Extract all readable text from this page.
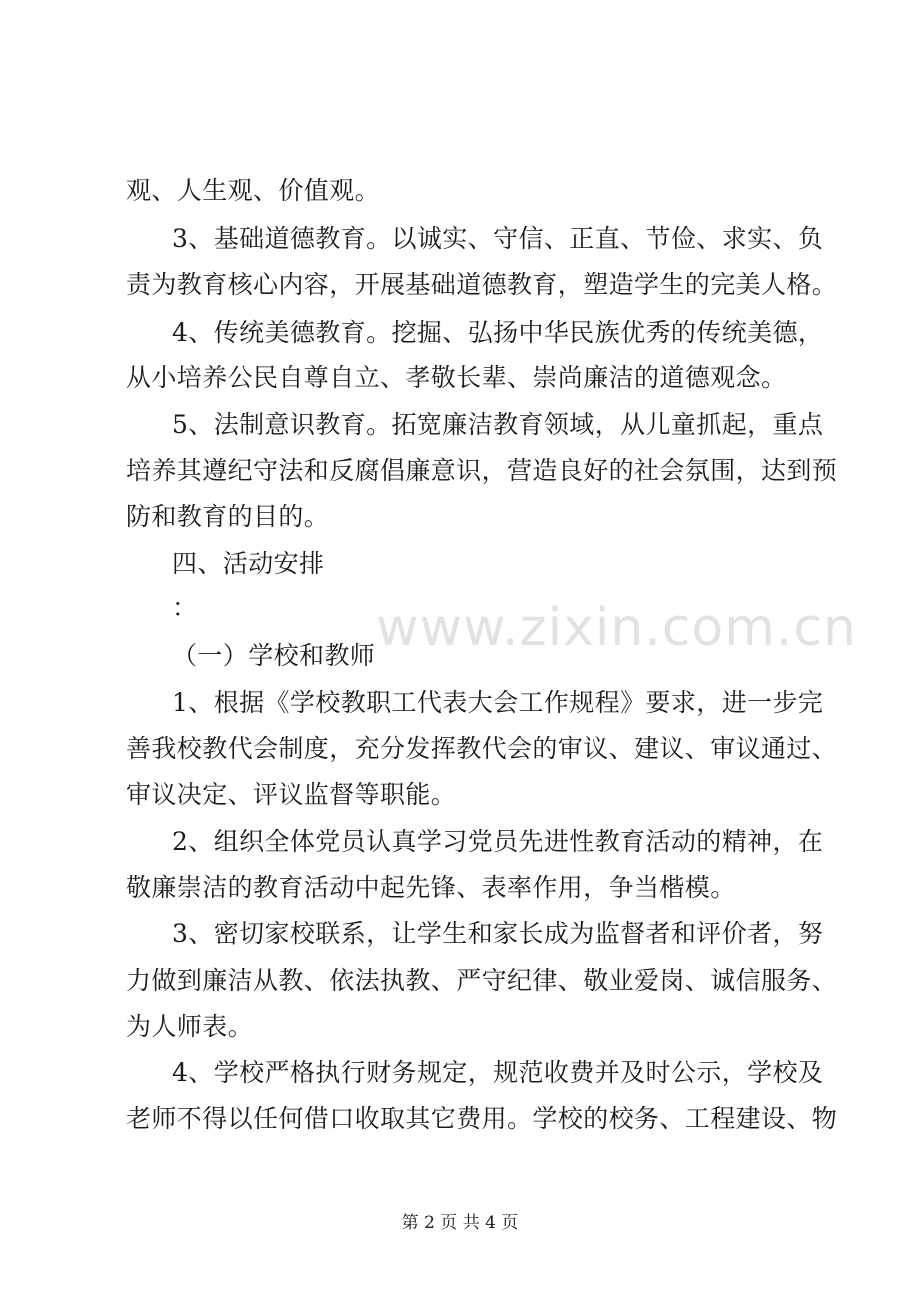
观、人生观、价值观。
3、基础道德教育。以诚实、守信、正直、节俭、求实、负
责为教育核心内容，开展基础道德教育，塑造学生的完美人格。
4、传统美德教育。挖掘、弘扬中华民族优秀的传统美德，
从小培养公民自尊自立、孝敬长辈、崇尚廉洁的道德观念。
5、法制意识教育。拓宽廉洁教育领域，从儿童抓起，重点
培养其遵纪守法和反腐倡廉意识，营造良好的社会氛围，达到预
防和教育的目的。
四、活动安排
：
（一）学校和教师
1、根据《学校教职工代表大会工作规程》要求，进一步完
善我校教代会制度，充分发挥教代会的审议、建议、审议通过、
审议决定、评议监督等职能。
2、组织全体党员认真学习党员先进性教育活动的精神，在
敬廉崇洁的教育活动中起先锋、表率作用，争当楷模。
3、密切家校联系，让学生和家长成为监督者和评价者，努
力做到廉洁从教、依法执教、严守纪律、敬业爱岗、诚信服务、
为人师表。
4、学校严格执行财务规定，规范收费并及时公示，学校及
老师不得以任何借口收取其它费用。学校的校务、工程建设、物
www.zixin.com.cn
第 2 页 共 4 页
